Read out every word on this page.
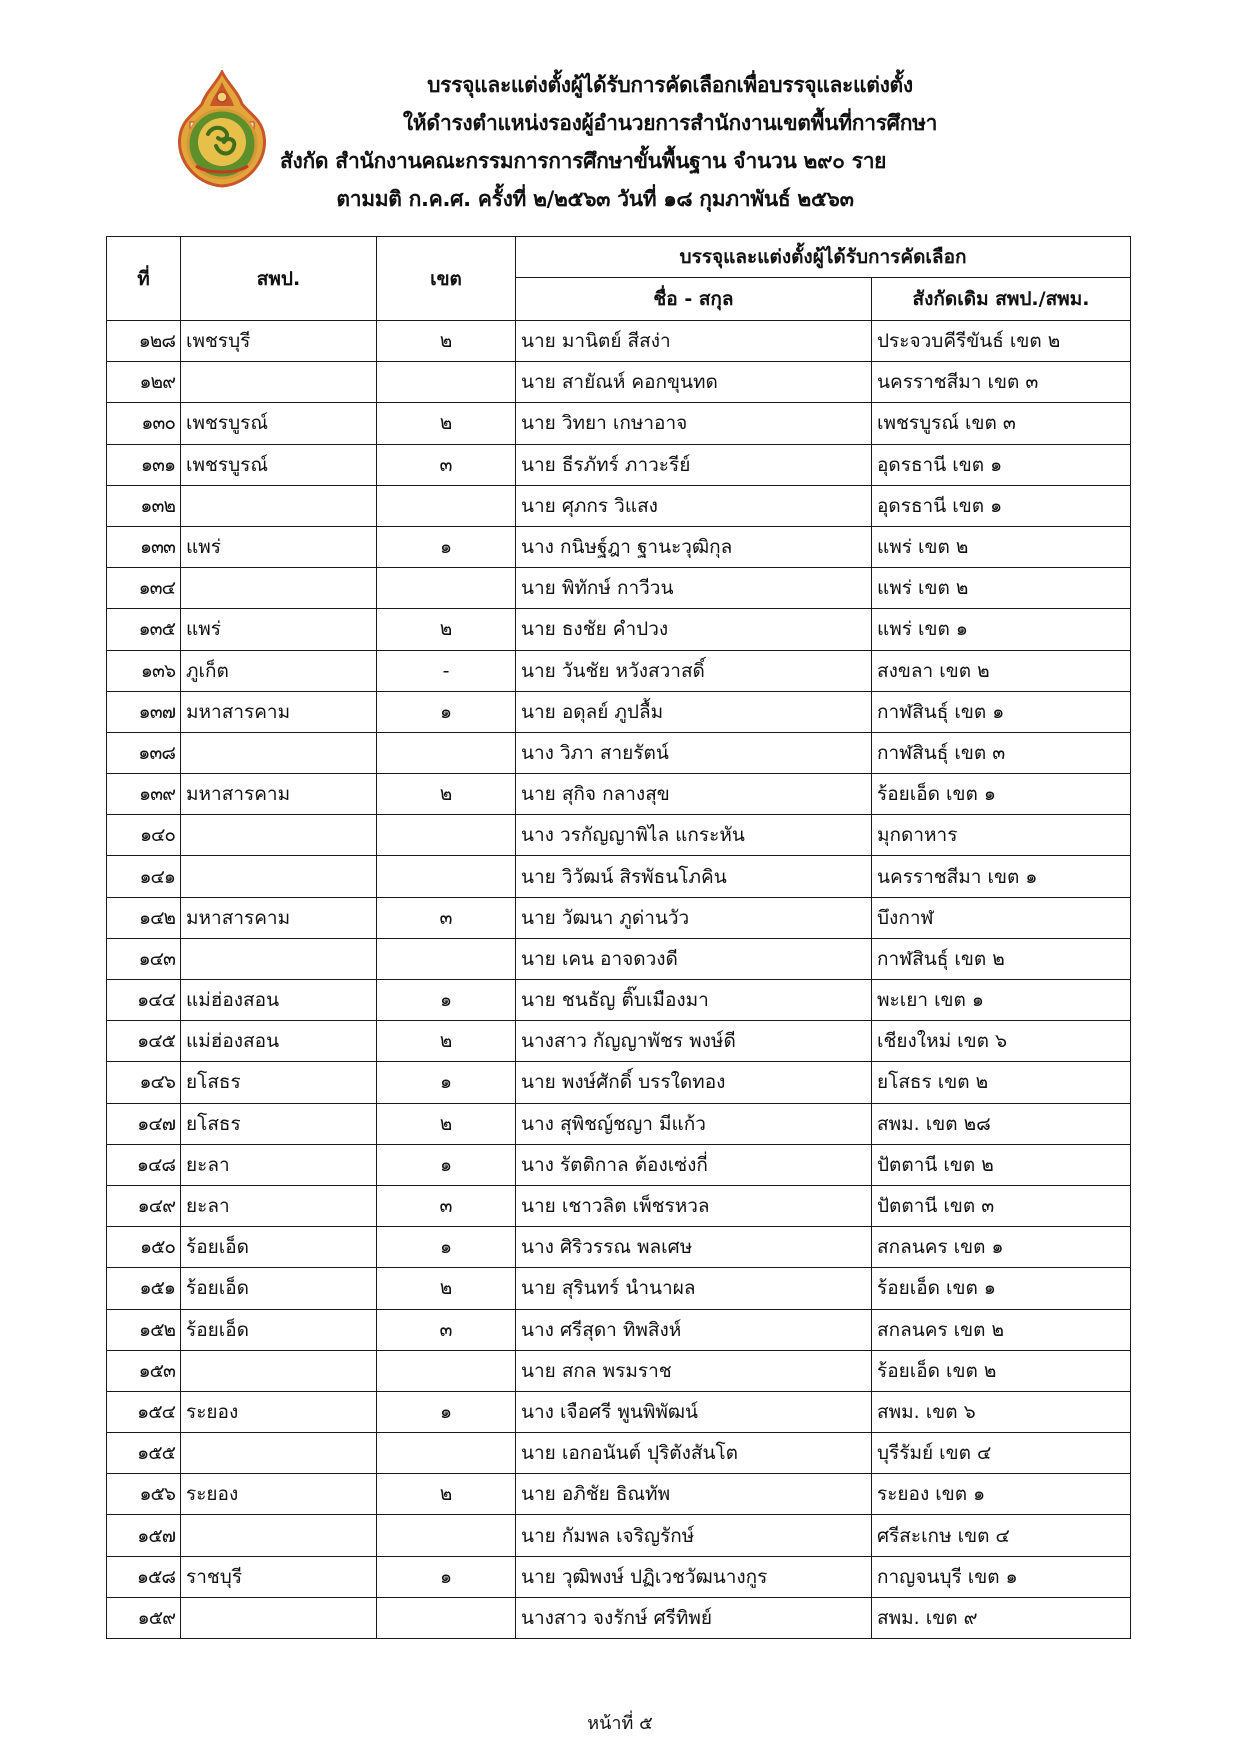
บรรจุและแต่งตั้งผู้ได้รับการคัดเลือกเพื่อบรรจุและแต่งตั้ง
ให้ดำรงตำแหน่งรองผู้อำนวยการสำนักงานเขตพื้นที่การศึกษา
สังกัด สำนักงานคณะกรรมการการศึกษาขั้นพื้นฐาน จำนวน ๒๙๐ ราย
ตามมติ ก.ค.ศ. ครั้งที่ ๒/๒๕๖๓ วันที่ ๑๘ กุมภาพันธ์ ๒๕๖๓
ที่	สพป.	เขต	บรรจุและแต่งตั้งผู้ได้รับการคัดเลือก	
			ชื่อ - สกุล	สังกัดเดิม สพป./สพม.
๑๒๘	เพชรบุรี	๒	นาย มานิตย์ สีสง่า	ประจวบคีรีขันธ์ เขต ๒
๑๒๙			นาย สายัณห์ คอกขุนทด	นครราชสีมา เขต ๓
๑๓๐	เพชรบูรณ์	๒	นาย วิทยา เกษาอาจ	เพชรบูรณ์ เขต ๓
๑๓๑	เพชรบูรณ์	๓	นาย ธีรภัทร์ ภาวะรีย์	อุดรธานี เขต ๑
๑๓๒			นาย ศุภกร วิแสง	อุดรธานี เขต ๑
๑๓๓	แพร่	๑	นาง กนิษฐ์ฎา ฐานะวุฒิกุล	แพร่ เขต ๒
๑๓๔			นาย พิทักษ์ กาวีวน	แพร่ เขต ๒
๑๓๕	แพร่	๒	นาย ธงชัย คำปวง	แพร่ เขต ๑
๑๓๖	ภูเก็ต	-	นาย วันชัย หวังสวาสดิ์	สงขลา เขต ๒
๑๓๗	มหาสารคาม	๑	นาย อดุลย์ ภูปลื้ม	กาฬสินธุ์ เขต ๑
๑๓๘			นาง วิภา สายรัตน์	กาฬสินธุ์ เขต ๓
๑๓๙	มหาสารคาม	๒	นาย สุกิจ กลางสุข	ร้อยเอ็ด เขต ๑
๑๔๐			นาง วรกัญญาพิไล แกระหัน	มุกดาหาร
๑๔๑			นาย วิวัฒน์ สิรพัธนโภคิน	นครราชสีมา เขต ๑
๑๔๒	มหาสารคาม	๓	นาย วัฒนา ภูด่านวัว	บึงกาฬ
๑๔๓			นาย เคน อาจดวงดี	กาฬสินธุ์ เขต ๒
๑๔๔	แม่ฮ่องสอน	๑	นาย ชนธัญ ติ๊บเมืองมา	พะเยา เขต ๑
๑๔๕	แม่ฮ่องสอน	๒	นางสาว กัญญาพัชร พงษ์ดี	เชียงใหม่ เขต ๖
๑๔๖	ยโสธร	๑	นาย พงษ์ศักดิ์ บรรใดทอง	ยโสธร เขต ๒
๑๔๗	ยโสธร	๒	นาง สุพิชญ์ชญา มีแก้ว	สพม. เขต ๒๘
๑๔๘	ยะลา	๑	นาง รัตติกาล ต้องเซ่งกี่	ปัตตานี เขต ๒
๑๔๙	ยะลา	๓	นาย เชาวลิต เพ็ชรหวล	ปัตตานี เขต ๓
๑๕๐	ร้อยเอ็ด	๑	นาง ศิริวรรณ พลเศษ	สกลนคร เขต ๑
๑๕๑	ร้อยเอ็ด	๒	นาย สุรินทร์ นำนาผล	ร้อยเอ็ด เขต ๑
๑๕๒	ร้อยเอ็ด	๓	นาง ศรีสุดา ทิพสิงห์	สกลนคร เขต ๒
๑๕๓			นาย สกล พรมราช	ร้อยเอ็ด เขต ๒
๑๕๔	ระยอง	๑	นาง เจือศรี พูนพิพัฒน์	สพม. เขต ๖
๑๕๕			นาย เอกอนันต์ ปุริตังสันโต	บุรีรัมย์ เขต ๔
๑๕๖	ระยอง	๒	นาย อภิชัย ธิณทัพ	ระยอง เขต ๑
๑๕๗			นาย กัมพล เจริญรักษ์	ศรีสะเกษ เขต ๔
๑๕๘	ราชบุรี	๑	นาย วุฒิพงษ์ ปฏิเวชวัฒนางกูร	กาญจนบุรี เขต ๑
๑๕๙			นางสาว จงรักษ์ ศรีทิพย์	สพม. เขต ๙
หน้าที่ ๕
